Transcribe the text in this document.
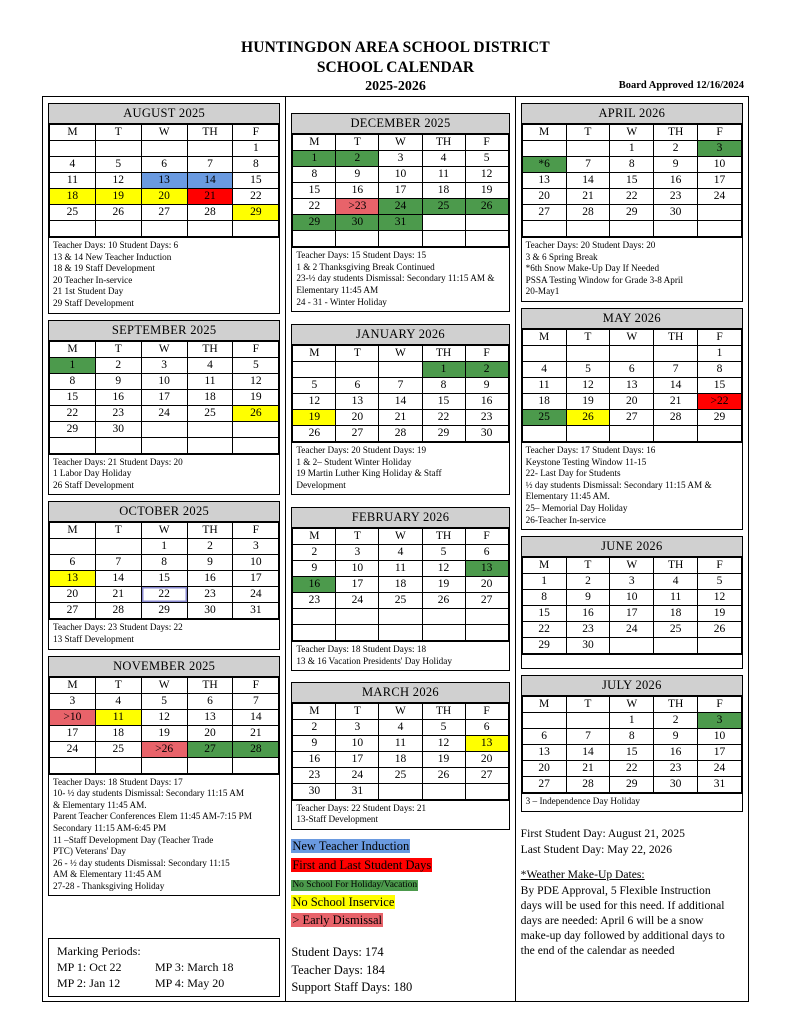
HUNTINGDON AREA SCHOOL DISTRICT
SCHOOL CALENDAR
2025-2026	Board Approved 12/16/2024
AUGUST 2025
M	T	W	TH	F
				1
4	5	6	7	8
11	12	13	14	15
18	19	20	21	22
25	26	27	28	29

Teacher Days: 10 Student Days: 6
13 & 14 New Teacher Induction
18 & 19 Staff Development
20 Teacher In-service
21 1st Student Day
29 Staff Development
SEPTEMBER 2025
M	T	W	TH	F
1	2	3	4	5
8	9	10	11	12
15	16	17	18	19
22	23	24	25	26
29	30			

Teacher Days: 21 Student Days: 20
1 Labor Day Holiday
26 Staff Development
OCTOBER 2025
M	T	W	TH	F
		1	2	3
6	7	8	9	10
13	14	15	16	17
20	21	22	23	24
27	28	29	30	31
Teacher Days: 23 Student Days: 22
13 Staff Development
NOVEMBER 2025
M	T	W	TH	F
3	4	5	6	7
>10	11	12	13	14
17	18	19	20	21
24	25	>26	27	28

Teacher Days: 18 Student Days: 17
10- ½ day students Dismissal: Secondary 11:15 AM
& Elementary 11:45 AM.
Parent Teacher Conferences Elem 11:45 AM-7:15 PM
Secondary 11:15 AM-6:45 PM
11 –Staff Development Day (Teacher Trade
PTC) Veterans' Day
26 - ½ day students Dismissal: Secondary 11:15
AM & Elementary 11:45 AM
27-28 - Thanksgiving Holiday
Marking Periods:
MP 1: Oct 22	MP 3: March 18
MP 2: Jan 12	MP 4: May 20
DECEMBER 2025
M	T	W	TH	F
1	2	3	4	5
8	9	10	11	12
15	16	17	18	19
22	>23	24	25	26
29	30	31		

Teacher Days: 15 Student Days: 15
1 & 2 Thanksgiving Break Continued
23-½ day students Dismissal: Secondary 11:15 AM &
Elementary 11:45 AM
24 - 31 - Winter Holiday
JANUARY 2026
M	T	W	TH	F
			1	2
5	6	7	8	9
12	13	14	15	16
19	20	21	22	23
26	27	28	29	30
Teacher Days: 20 Student Days: 19
1 & 2– Student Winter Holiday
19 Martin Luther King Holiday & Staff
Development
FEBRUARY 2026
M	T	W	TH	F
2	3	4	5	6
9	10	11	12	13
16	17	18	19	20
23	24	25	26	27

Teacher Days: 18 Student Days: 18
13 & 16 Vacation Presidents' Day Holiday
MARCH 2026
M	T	W	TH	F
2	3	4	5	6
9	10	11	12	13
16	17	18	19	20
23	24	25	26	27
30	31			
Teacher Days: 22 Student Days: 21
13-Staff Development
New Teacher Induction
First and Last Student Days
No School For Holiday/Vacation
No School Inservice
> Early Dismissal
Student Days: 174
Teacher Days: 184
Support Staff Days: 180
APRIL 2026
M	T	W	TH	F
		1	2	3
*6	7	8	9	10
13	14	15	16	17
20	21	22	23	24
27	28	29	30	

Teacher Days: 20 Student Days: 20
3 & 6 Spring Break
*6th Snow Make-Up Day If Needed
PSSA Testing Window for Grade 3-8 April
20-May1
MAY 2026
M	T	W	TH	F
				1
4	5	6	7	8
11	12	13	14	15
18	19	20	21	>22
25	26	27	28	29

Teacher Days: 17 Student Days: 16
Keystone Testing Window 11-15
22- Last Day for Students
½ day students Dismissal: Secondary 11:15 AM &
Elementary 11:45 AM.
25– Memorial Day Holiday
26-Teacher In-service
JUNE 2026
M	T	W	TH	F
1	2	3	4	5
8	9	10	11	12
15	16	17	18	19
22	23	24	25	26
29	30			
JULY 2026
M	T	W	TH	F
		1	2	3
6	7	8	9	10
13	14	15	16	17
20	21	22	23	24
27	28	29	30	31
3 – Independence Day Holiday
First Student Day: August 21, 2025
Last Student Day: May 22, 2026
*Weather Make-Up Dates:
By PDE Approval, 5 Flexible Instruction
days will be used for this need. If additional
days are needed: April 6 will be a snow
make-up day followed by additional days to
the end of the calendar as needed
